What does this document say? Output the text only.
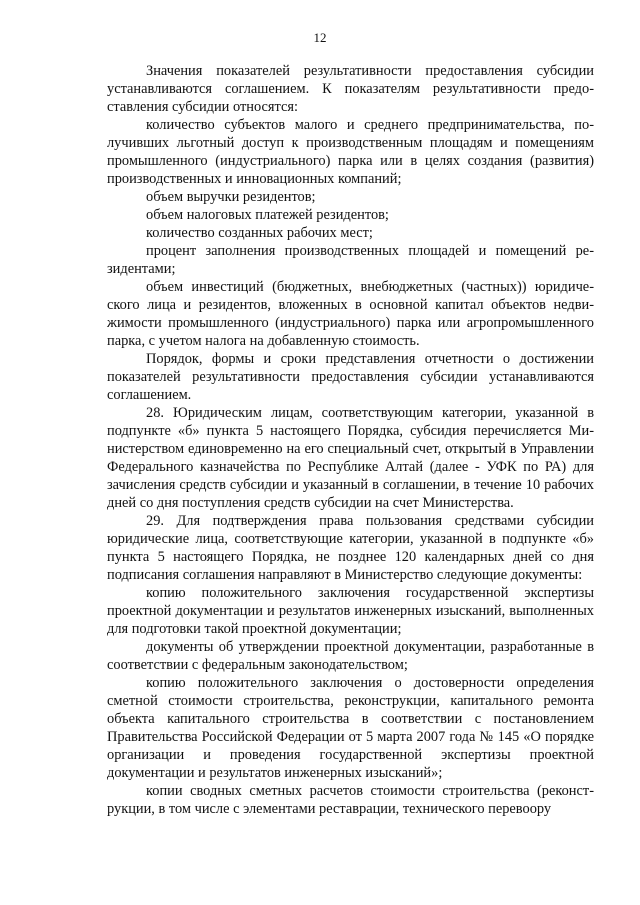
12

Значения показателей результативности предоставления субсидии устанавливаются соглашением. К показателям результативности предоставления субсидии относятся:

количество субъектов малого и среднего предпринимательства, получивших льготный доступ к производственным площадям и помещениям промышленного (индустриального) парка или в целях создания (развития) производственных и инновационных компаний;

объем выручки резидентов;

объем налоговых платежей резидентов;

количество созданных рабочих мест;

процент заполнения производственных площадей и помещений резидентами;

объем инвестиций (бюджетных, внебюджетных (частных)) юридического лица и резидентов, вложенных в основной капитал объектов недвижимости промышленного (индустриального) парка или агропромышленного парка, с учетом налога на добавленную стоимость.

Порядок, формы и сроки представления отчетности о достижении показателей результативности предоставления субсидии устанавливаются соглашением.

28. Юридическим лицам, соответствующим категории, указанной в подпункте «б» пункта 5 настоящего Порядка, субсидия перечисляется Министерством единовременно на его специальный счет, открытый в Управлении Федерального казначейства по Республике Алтай (далее - УФК по РА) для зачисления средств субсидии и указанный в соглашении, в течение 10 рабочих дней со дня поступления средств субсидии на счет Министерства.

29. Для подтверждения права пользования средствами субсидии юридические лица, соответствующие категории, указанной в подпункте «б» пункта 5 настоящего Порядка, не позднее 120 календарных дней со дня подписания соглашения направляют в Министерство следующие документы:

копию положительного заключения государственной экспертизы проектной документации и результатов инженерных изысканий, выполненных для подготовки такой проектной документации;

документы об утверждении проектной документации, разработанные в соответствии с федеральным законодательством;

копию положительного заключения о достоверности определения сметной стоимости строительства, реконструкции, капитального ремонта объекта капитального строительства в соответствии с постановлением Правительства Российской Федерации от 5 марта 2007 года № 145 «О порядке организации и проведения государственной экспертизы проектной документации и результатов инженерных изысканий»;

копии сводных сметных расчетов стоимости строительства (реконструкции, в том числе с элементами реставрации, технического перевоору
